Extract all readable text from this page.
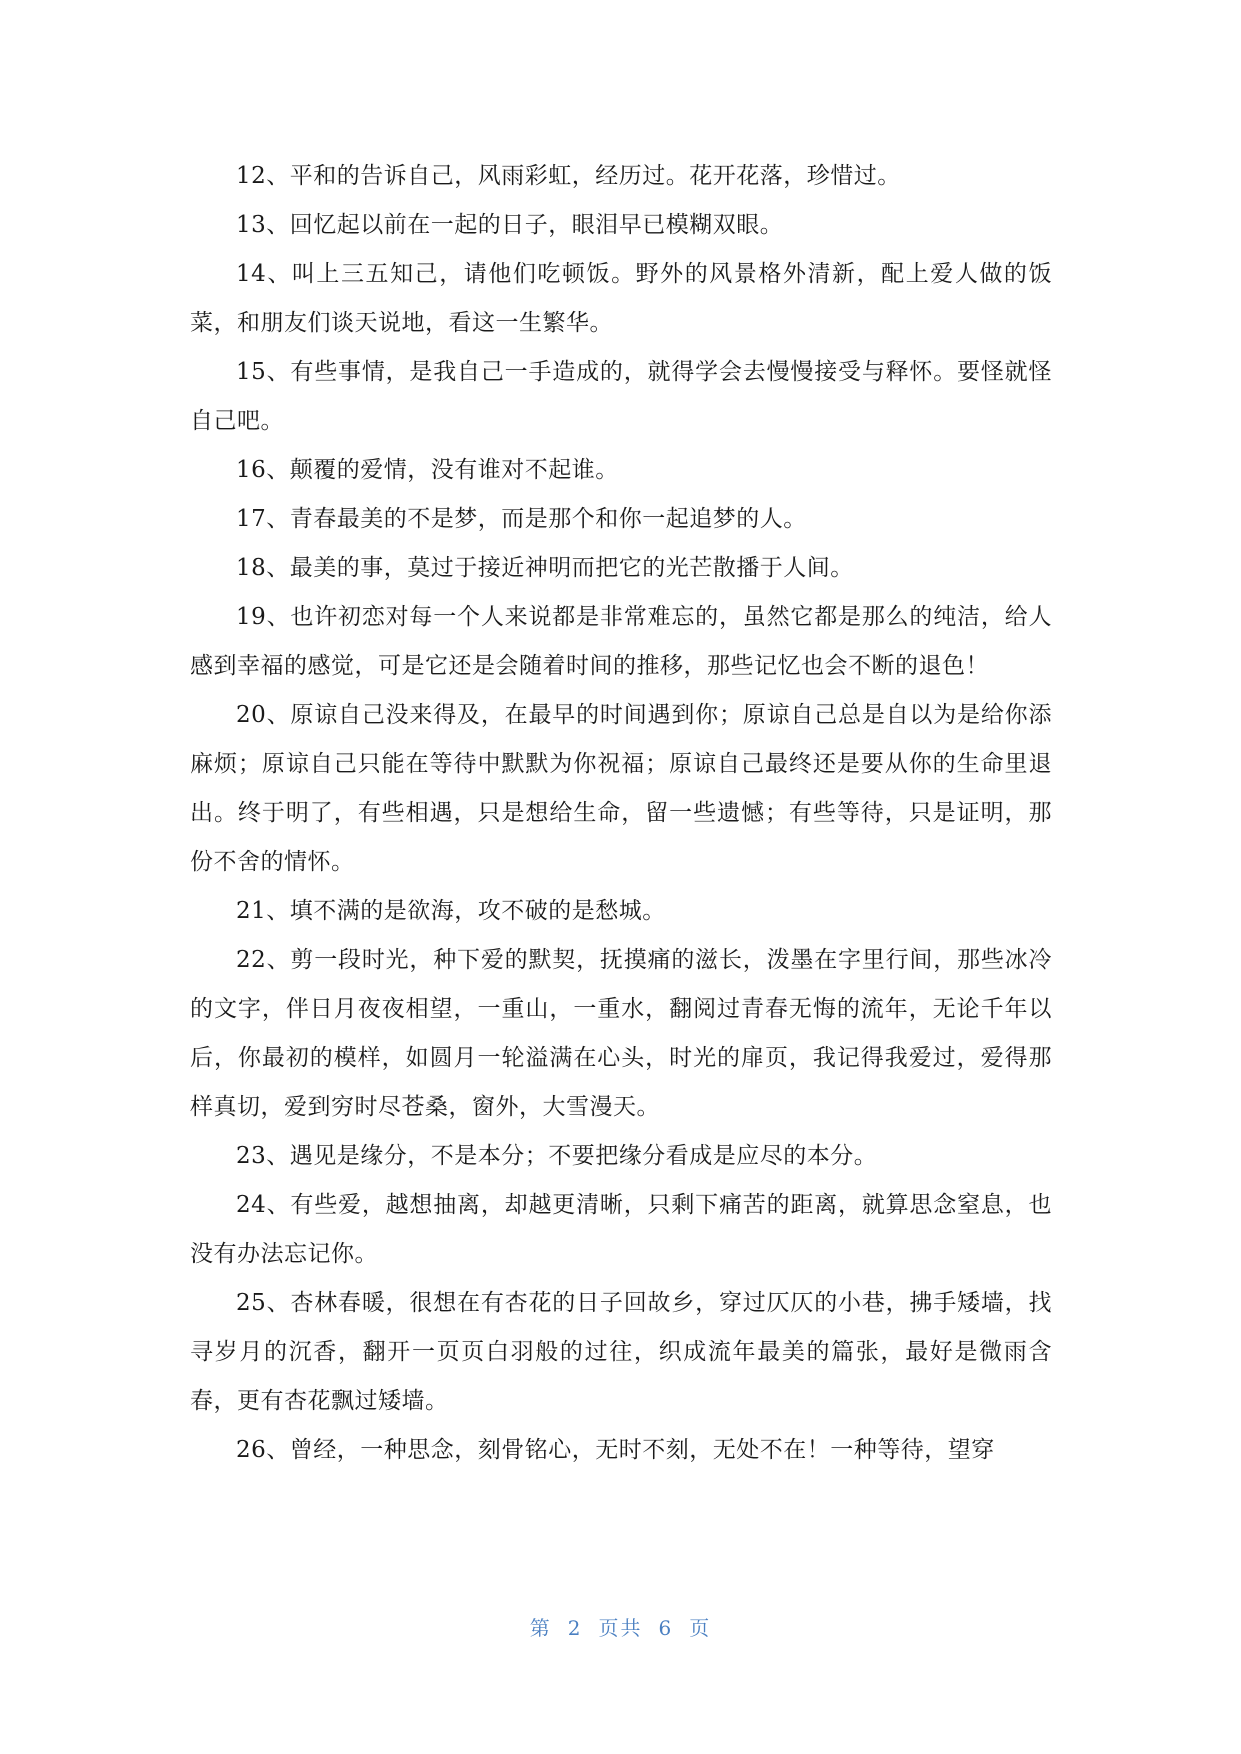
12、平和的告诉自己，风雨彩虹，经历过。花开花落，珍惜过。

13、回忆起以前在一起的日子，眼泪早已模糊双眼。

14、叫上三五知己，请他们吃顿饭。野外的风景格外清新，配上爱人做的饭菜，和朋友们谈天说地，看这一生繁华。

15、有些事情，是我自己一手造成的，就得学会去慢慢接受与释怀。要怪就怪自己吧。

16、颠覆的爱情，没有谁对不起谁。

17、青春最美的不是梦，而是那个和你一起追梦的人。

18、最美的事，莫过于接近神明而把它的光芒散播于人间。

19、也许初恋对每一个人来说都是非常难忘的，虽然它都是那么的纯洁，给人感到幸福的感觉，可是它还是会随着时间的推移，那些记忆也会不断的退色！

20、原谅自己没来得及，在最早的时间遇到你；原谅自己总是自以为是给你添麻烦；原谅自己只能在等待中默默为你祝福；原谅自己最终还是要从你的生命里退出。终于明了，有些相遇，只是想给生命，留一些遗憾；有些等待，只是证明，那份不舍的情怀。

21、填不满的是欲海，攻不破的是愁城。

22、剪一段时光，种下爱的默契，抚摸痛的滋长，泼墨在字里行间，那些冰冷的文字，伴日月夜夜相望，一重山，一重水，翻阅过青春无悔的流年，无论千年以后，你最初的模样，如圆月一轮溢满在心头，时光的扉页，我记得我爱过，爱得那样真切，爱到穷时尽苍桑，窗外，大雪漫天。

23、遇见是缘分，不是本分；不要把缘分看成是应尽的本分。

24、有些爱，越想抽离，却越更清晰，只剩下痛苦的距离，就算思念窒息，也没有办法忘记你。

25、杏林春暖，很想在有杏花的日子回故乡，穿过仄仄的小巷，拂手矮墙，找寻岁月的沉香，翻开一页页白羽般的过往，织成流年最美的篇张，最好是微雨含春，更有杏花飘过矮墙。

26、曾经，一种思念，刻骨铭心，无时不刻，无处不在！一种等待，望穿

第 2 页共 6 页
